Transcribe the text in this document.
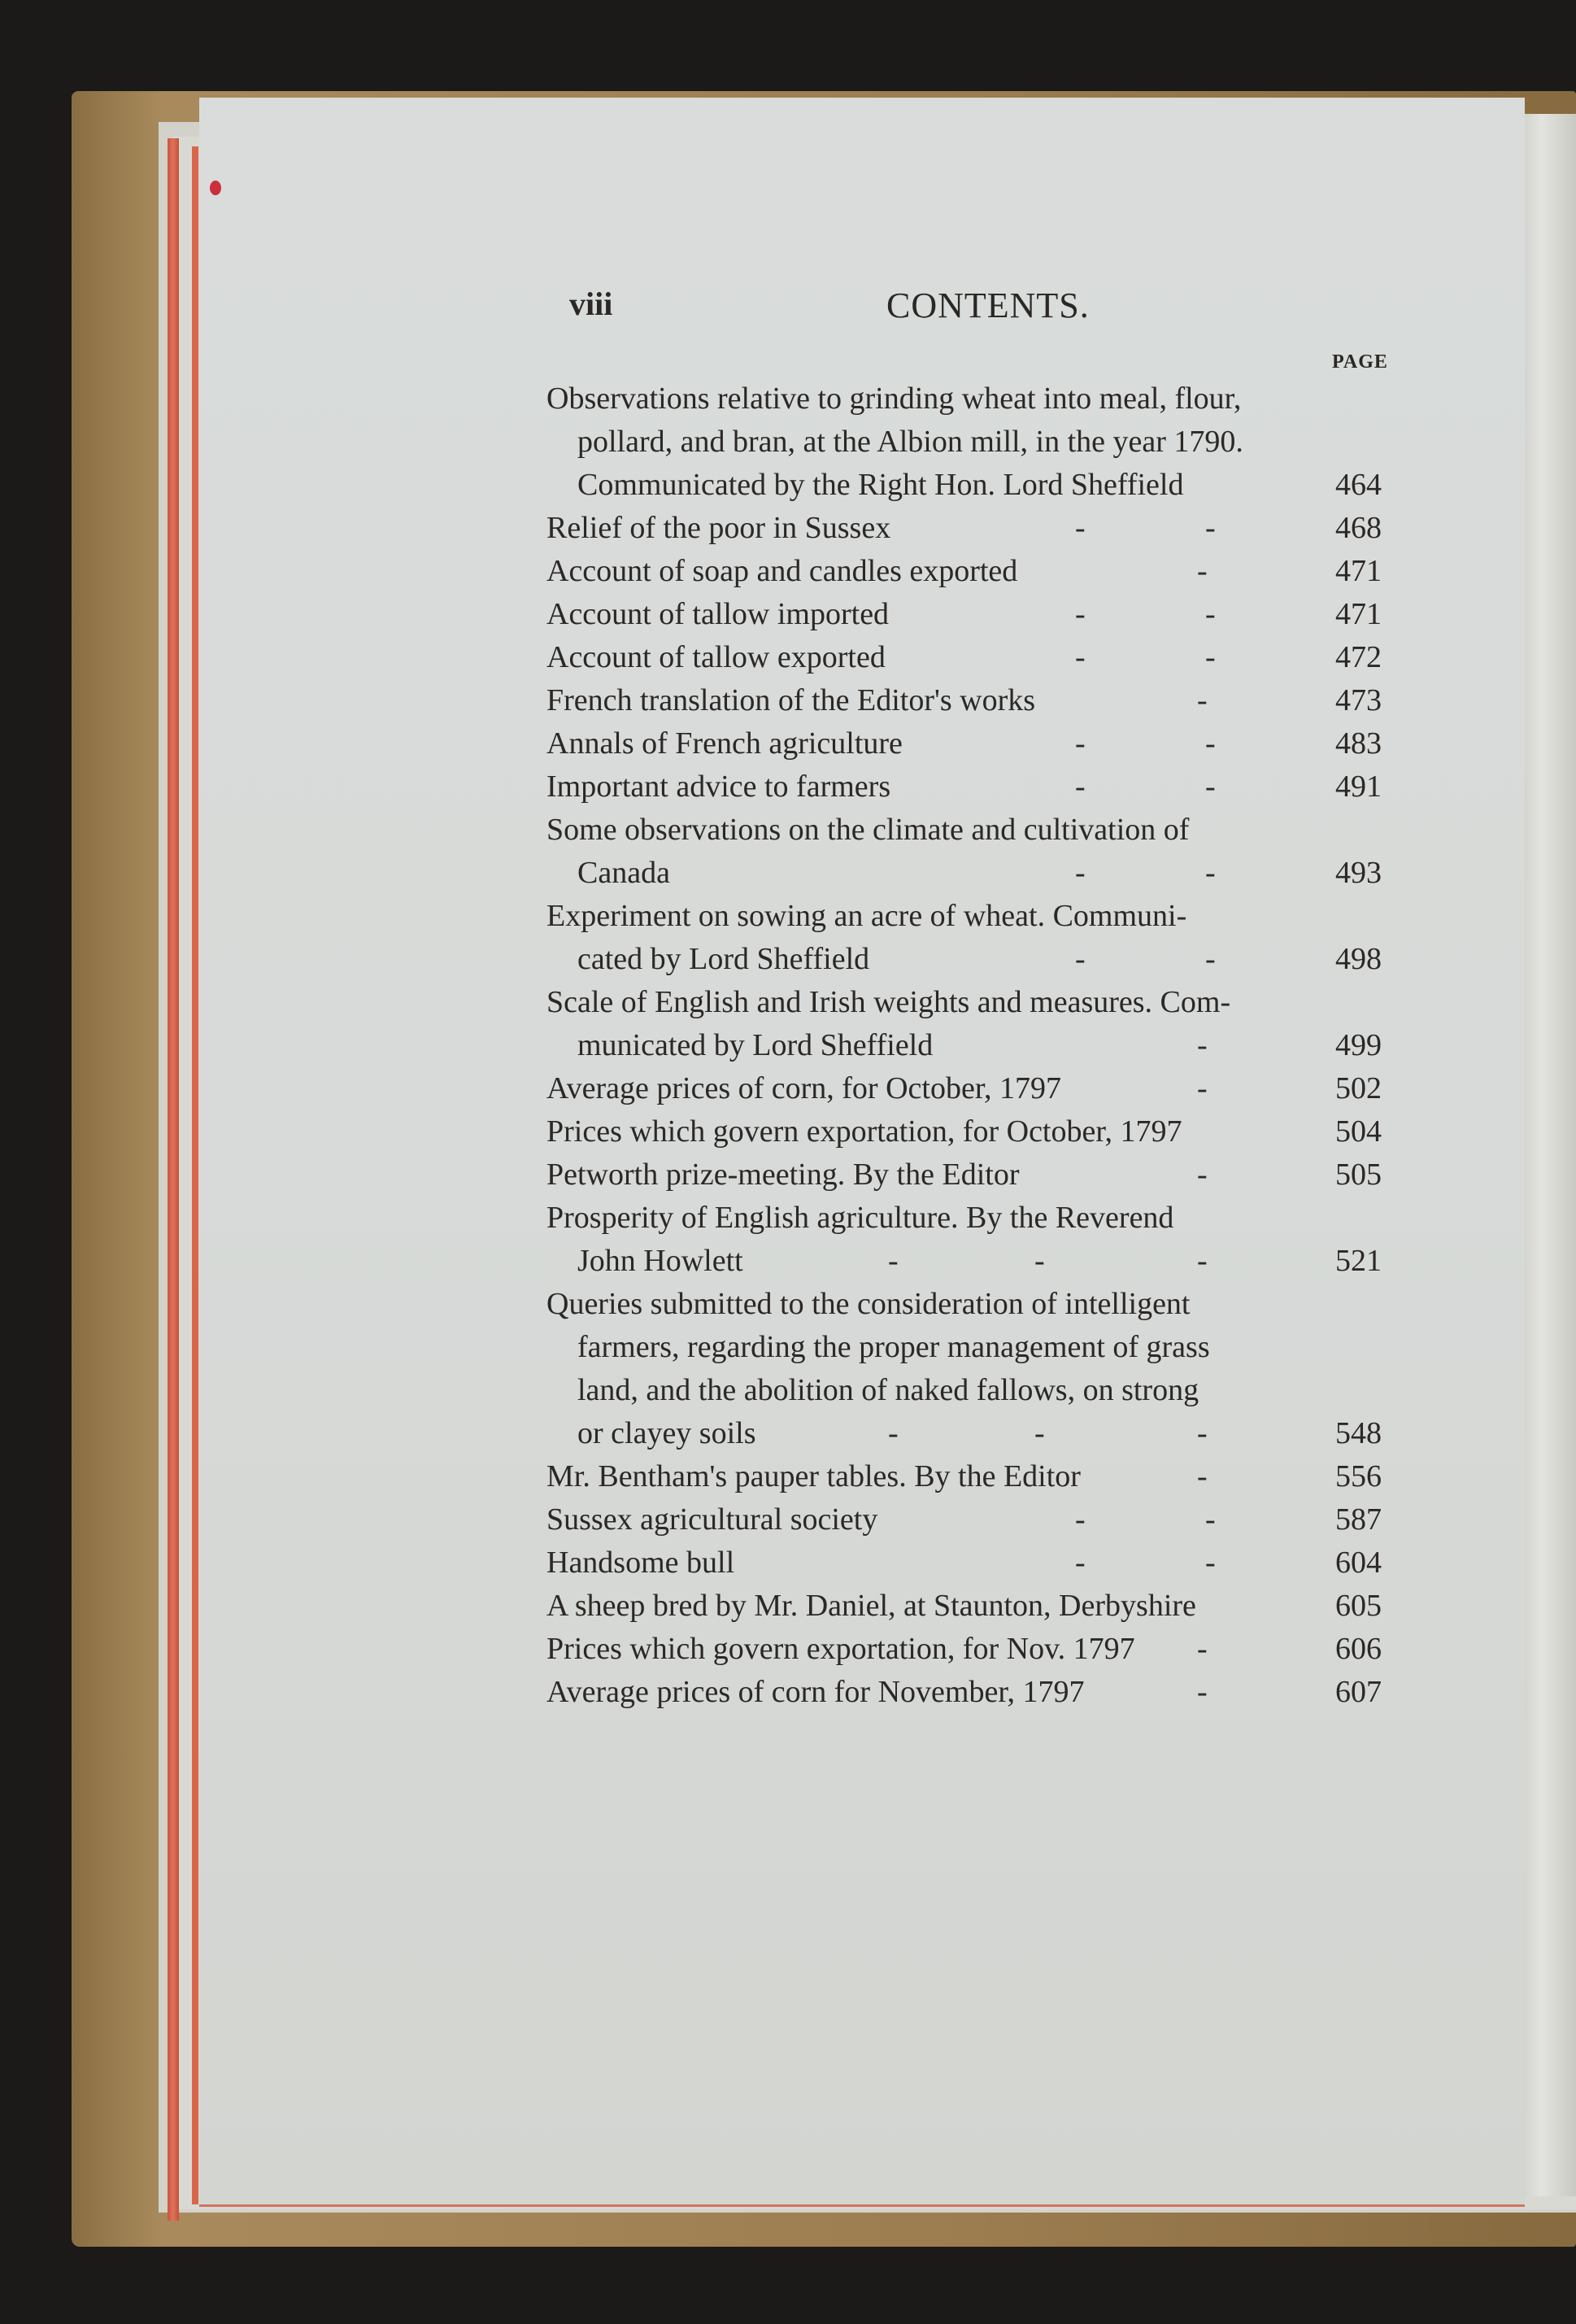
viii	CONTENTS.
PAGE
Observations relative to grinding wheat into meal, flour,
pollard, and bran, at the Albion mill, in the year 1790.
Communicated by the Right Hon. Lord Sheffield	464
Relief of the poor in Sussex	-	-	468
Account of soap and candles exported	-	471
Account of tallow imported	-	-	471
Account of tallow exported	-	-	472
French translation of the Editor's works	-	473
Annals of French agriculture	-	-	483
Important advice to farmers	-	-	491
Some observations on the climate and cultivation of
Canada	-	-	493
Experiment on sowing an acre of wheat. Communi-
cated by Lord Sheffield	-	-	498
Scale of English and Irish weights and measures. Com-
municated by Lord Sheffield	-	499
Average prices of corn, for October, 1797	-	502
Prices which govern exportation, for October, 1797	504
Petworth prize-meeting. By the Editor	-	505
Prosperity of English agriculture. By the Reverend
John Howlett	-	-	-	521
Queries submitted to the consideration of intelligent
farmers, regarding the proper management of grass
land, and the abolition of naked fallows, on strong
or clayey soils	-	-	-	548
Mr. Bentham's pauper tables. By the Editor	-	556
Sussex agricultural society	-	-	587
Handsome bull	-	-	604
A sheep bred by Mr. Daniel, at Staunton, Derbyshire	605
Prices which govern exportation, for Nov. 1797 -	606
Average prices of corn for November, 1797	-	607
